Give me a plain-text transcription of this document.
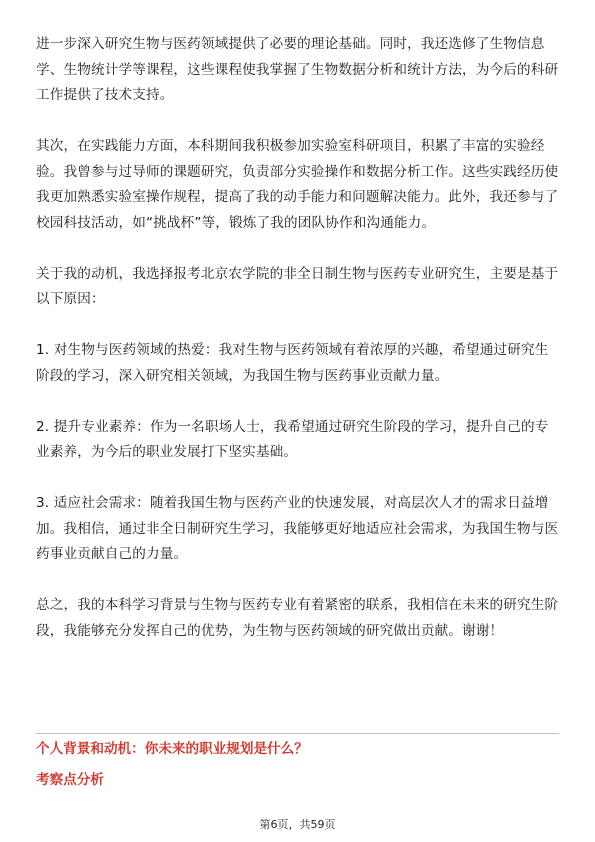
进一步深入研究生物与医药领域提供了必要的理论基础。同时，我还选修了生物信息学、生物统计学等课程，这些课程使我掌握了生物数据分析和统计方法，为今后的科研工作提供了技术支持。

其次，在实践能力方面，本科期间我积极参加实验室科研项目，积累了丰富的实验经验。我曾参与过导师的课题研究，负责部分实验操作和数据分析工作。这些实践经历使我更加熟悉实验室操作规程，提高了我的动手能力和问题解决能力。此外，我还参与了校园科技活动，如“挑战杯”等，锻炼了我的团队协作和沟通能力。

关于我的动机，我选择报考北京农学院的非全日制生物与医药专业研究生，主要是基于以下原因：

1. 对生物与医药领域的热爱：我对生物与医药领域有着浓厚的兴趣，希望通过研究生阶段的学习，深入研究相关领域，为我国生物与医药事业贡献力量。

2. 提升专业素养：作为一名职场人士，我希望通过研究生阶段的学习，提升自己的专业素养，为今后的职业发展打下坚实基础。

3. 适应社会需求：随着我国生物与医药产业的快速发展，对高层次人才的需求日益增加。我相信，通过非全日制研究生学习，我能够更好地适应社会需求，为我国生物与医药事业贡献自己的力量。

总之，我的本科学习背景与生物与医药专业有着紧密的联系，我相信在未来的研究生阶段，我能够充分发挥自己的优势，为生物与医药领域的研究做出贡献。谢谢！

个人背景和动机：你未来的职业规划是什么？
考察点分析
第6页，共59页
